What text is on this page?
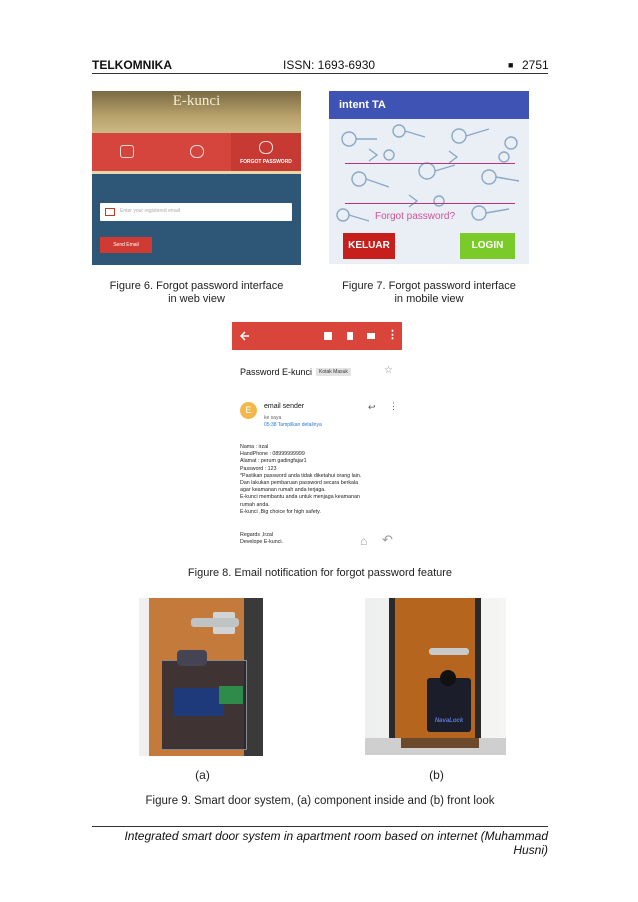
TELKOMNIKA	ISSN: 1693-6930	■ 2751
E-kunci
FORGOT PASSWORD
Enter your registered email
Send Email
intent TA
Forgot password?
KELUAR	LOGIN
Figure 6. Forgot password interface
in web view
Figure 7. Forgot password interface
in mobile view
⋮
Password E-kunci	Kotak Masuk	☆
E	email sender
ke saya
05:38 Tampilkan detailnya
↩ ⋮
Nama : irzal
HandPhone : 08999999999
Alamat : perum gadingfajar1
Password : 123
*Pastikan password anda tidak diketahui orang lain.
Dan lakukan pembaruan password secara berkala
agar keamanan rumah anda terjaga.
E-kunci membantu anda untuk menjaga keamanan
rumah anda.
E-kunci ,Big choice for high safety.
Regards ,Irzal
Develope E-kunci.	⌂ ↶
Figure 8. Email notification for forgot password feature
NavaLock
(a)	(b)
Figure 9. Smart door system, (a) component inside and (b) front look
Integrated smart door system in apartment room based on internet (Muhammad Husni)
